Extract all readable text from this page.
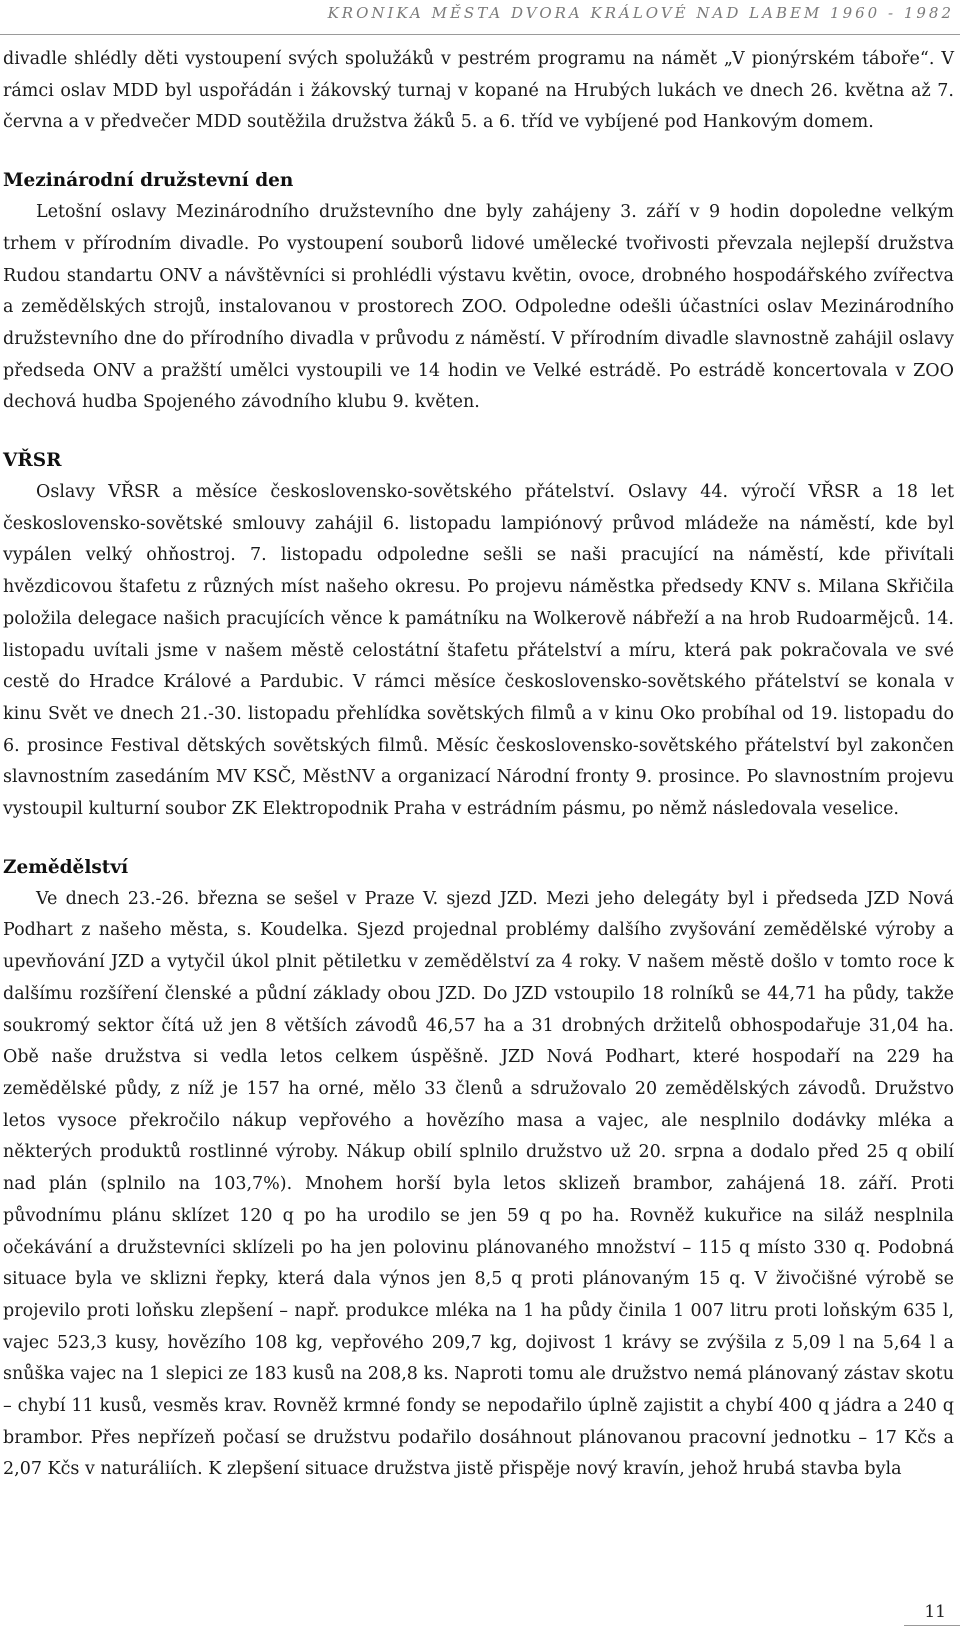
KRONIKA MĚSTA DVORA KRÁLOVÉ NAD LABEM 1960 - 1982

divadle shlédly děti vystoupení svých spolužáků v pestrém programu na námět „V pionýrském táboře“. V rámci oslav MDD byl uspořádán i žákovský turnaj v kopané na Hrubých lukách ve dnech 26. května až 7. června a v předvečer MDD soutěžila družstva žáků 5. a 6. tříd ve vybíjené pod Hankovým domem.

Mezinárodní družstevní den

Letošní oslavy Mezinárodního družstevního dne byly zahájeny 3. září v 9 hodin dopoledne velkým trhem v přírodním divadle. Po vystoupení souborů lidové umělecké tvořivosti převzala nejlepší družstva Rudou standartu ONV a návštěvníci si prohlédli výstavu květin, ovoce, drobného hospodářského zvířectva a zemědělských strojů, instalovanou v prostorech ZOO. Odpoledne odešli účastníci oslav Mezinárodního družstevního dne do přírodního divadla v průvodu z náměstí. V přírodním divadle slavnostně zahájil oslavy předseda ONV a pražští umělci vystoupili ve 14 hodin ve Velké estrádě. Po estrádě koncertovala v ZOO dechová hudba Spojeného závodního klubu 9. květen.

VŘSR

Oslavy VŘSR a měsíce československo-sovětského přátelství. Oslavy 44. výročí VŘSR a 18 let československo-sovětské smlouvy zahájil 6. listopadu lampiónový průvod mládeže na náměstí, kde byl vypálen velký ohňostroj. 7. listopadu odpoledne sešli se naši pracující na náměstí, kde přivítali hvězdicovou štafetu z různých míst našeho okresu. Po projevu náměstka předsedy KNV s. Milana Skřičila položila delegace našich pracujících věnce k památníku na Wolkerově nábřeží a na hrob Rudoarmějců. 14. listopadu uvítali jsme v našem městě celostátní štafetu přátelství a míru, která pak pokračovala ve své cestě do Hradce Králové a Pardubic. V rámci měsíce československo-sovětského přátelství se konala v kinu Svět ve dnech 21.-30. listopadu přehlídka sovětských filmů a v kinu Oko probíhal od 19. listopadu do 6. prosince Festival dětských sovětských filmů. Měsíc československo-sovětského přátelství byl zakončen slavnostním zasedáním MV KSČ, MěstNV a organizací Národní fronty 9. prosince. Po slavnostním projevu vystoupil kulturní soubor ZK Elektropodnik Praha v estrádním pásmu, po němž následovala veselice.

Zemědělství

Ve dnech 23.-26. března se sešel v Praze V. sjezd JZD. Mezi jeho delegáty byl i předseda JZD Nová Podhart z našeho města, s. Koudelka. Sjezd projednal problémy dalšího zvyšování zemědělské výroby a upevňování JZD a vytyčil úkol plnit pětiletku v zemědělství za 4 roky. V našem městě došlo v tomto roce k dalšímu rozšíření členské a půdní základy obou JZD. Do JZD vstoupilo 18 rolníků se 44,71 ha půdy, takže soukromý sektor čítá už jen 8 větších závodů 46,57 ha a 31 drobných držitelů obhospodařuje 31,04 ha. Obě naše družstva si vedla letos celkem úspěšně. JZD Nová Podhart, které hospodaří na 229 ha zemědělské půdy, z níž je 157 ha orné, mělo 33 členů a sdružovalo 20 zemědělských závodů. Družstvo letos vysoce překročilo nákup vepřového a hovězího masa a vajec, ale nesplnilo dodávky mléka a některých produktů rostlinné výroby. Nákup obilí splnilo družstvo už 20. srpna a dodalo před 25 q obilí nad plán (splnilo na 103,7%). Mnohem horší byla letos sklizeň brambor, zahájená 18. září. Proti původnímu plánu sklízet 120 q po ha urodilo se jen 59 q po ha. Rovněž kukuřice na siláž nesplnila očekávání a družstevníci sklízeli po ha jen polovinu plánovaného množství – 115 q místo 330 q. Podobná situace byla ve sklizni řepky, která dala výnos jen 8,5 q proti plánovaným 15 q. V živočišné výrobě se projevilo proti loňsku zlepšení – např. produkce mléka na 1 ha půdy činila 1 007 litru proti loňským 635 l, vajec 523,3 kusy, hovězího 108 kg, vepřového 209,7 kg, dojivost 1 krávy se zvýšila z 5,09 l na 5,64 l a snůška vajec na 1 slepici ze 183 kusů na 208,8 ks. Naproti tomu ale družstvo nemá plánovaný zástav skotu – chybí 11 kusů, vesměs krav. Rovněž krmné fondy se nepodařilo úplně zajistit a chybí 400 q jádra a 240 q brambor. Přes nepřízeň počasí se družstvu podařilo dosáhnout plánovanou pracovní jednotku – 17 Kčs a 2,07 Kčs v naturáliích. K zlepšení situace družstva jistě přispěje nový kravín, jehož hrubá stavba byla

11
